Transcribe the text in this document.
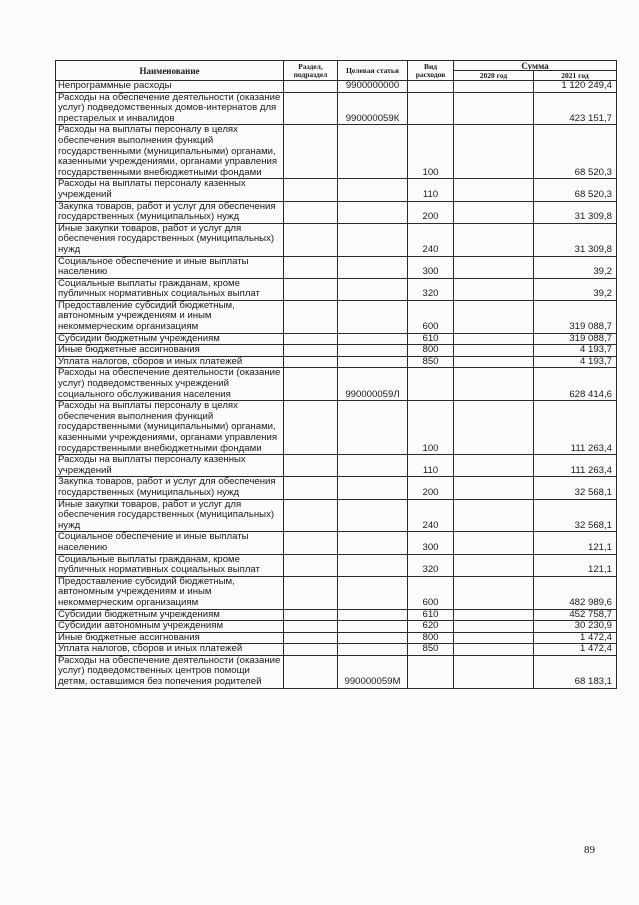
Наименование	Раздел, подраздел	Целевая статья	Вид расходов	Сумма	
				2020 год	2021 год
Непрограммные расходы		9900000000			1 120 249,4
Расходы на обеспечение деятельности (оказание услуг) подведомственных домов-интернатов для престарелых и инвалидов		990000059К			423 151,7
Расходы на выплаты персоналу в целях обеспечения выполнения функций государственными (муниципальными) органами, казенными учреждениями, органами управления государственными внебюджетными фондами			100		68 520,3
Расходы на выплаты персоналу казенных учреждений			110		68 520,3
Закупка товаров, работ и услуг для обеспечения государственных (муниципальных) нужд			200		31 309,8
Иные закупки товаров, работ и услуг для обеспечения государственных (муниципальных) нужд			240		31 309,8
Социальное обеспечение и иные выплаты населению			300		39,2
Социальные выплаты гражданам, кроме публичных нормативных социальных выплат			320		39,2
Предоставление субсидий бюджетным, автономным учреждениям и иным некоммерческим организациям			600		319 088,7
Субсидии бюджетным учреждениям			610		319 088,7
Иные бюджетные ассигнования			800		4 193,7
Уплата налогов, сборов и иных платежей			850		4 193,7
Расходы на обеспечение деятельности (оказание услуг) подведомственных учреждений социального обслуживания населения		990000059Л			628 414,6
Расходы на выплаты персоналу в целях обеспечения выполнения функций государственными (муниципальными) органами, казенными учреждениями, органами управления государственными внебюджетными фондами			100		111 263,4
Расходы на выплаты персоналу казенных учреждений			110		111 263,4
Закупка товаров, работ и услуг для обеспечения государственных (муниципальных) нужд			200		32 568,1
Иные закупки товаров, работ и услуг для обеспечения государственных (муниципальных) нужд			240		32 568,1
Социальное обеспечение и иные выплаты населению			300		121,1
Социальные выплаты гражданам, кроме публичных нормативных социальных выплат			320		121,1
Предоставление субсидий бюджетным, автономным учреждениям и иным некоммерческим организациям			600		482 989,6
Субсидии бюджетным учреждениям			610		452 758,7
Субсидии автономным учреждениям			620		30 230,9
Иные бюджетные ассигнования			800		1 472,4
Уплата налогов, сборов и иных платежей			850		1 472,4
Расходы на обеспечение деятельности (оказание услуг) подведомственных центров помощи детям, оставшимся без попечения родителей		990000059М			68 183,1
89
